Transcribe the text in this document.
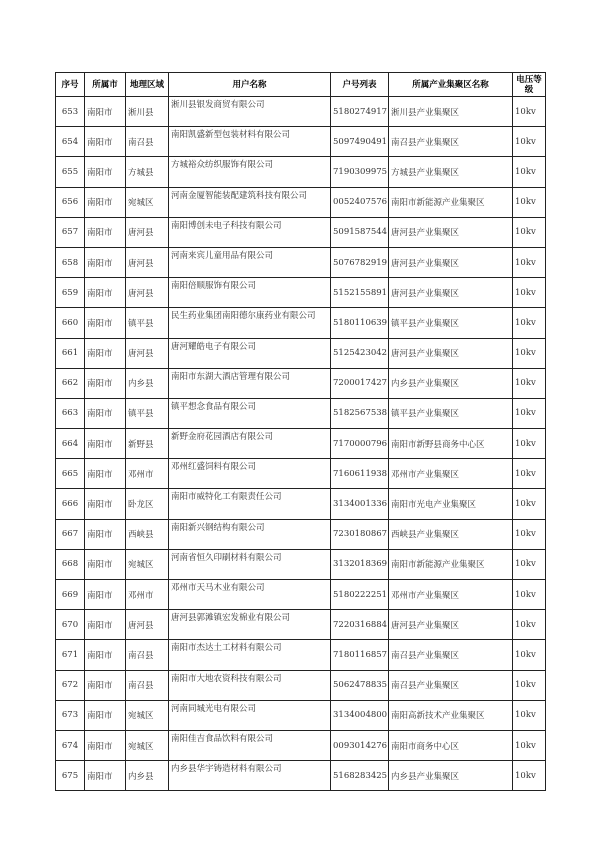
序号	所属市	地理区域	用户名称	户号列表	所属产业集聚区名称	电压等级
653	南阳市	淅川县	淅川县银发商贸有限公司	5180274917	淅川县产业集聚区	10kv
654	南阳市	南召县	南阳凯盛新型包装材料有限公司	5097490491	南召县产业集聚区	10kv
655	南阳市	方城县	方城裕众纺织服饰有限公司	7190309975	方城县产业集聚区	10kv
656	南阳市	宛城区	河南金厦智能装配建筑科技有限公司	0052407576	南阳市新能源产业集聚区	10kv
657	南阳市	唐河县	南阳博创未电子科技有限公司	5091587544	唐河县产业集聚区	10kv
658	南阳市	唐河县	河南来宾儿童用品有限公司	5076782919	唐河县产业集聚区	10kv
659	南阳市	唐河县	南阳倍顺服饰有限公司	5152155891	唐河县产业集聚区	10kv
660	南阳市	镇平县	民生药业集团南阳德尔康药业有限公司	5180110639	镇平县产业集聚区	10kv
661	南阳市	唐河县	唐河耀皓电子有限公司	5125423042	唐河县产业集聚区	10kv
662	南阳市	内乡县	南阳市东湖大酒店管理有限公司	7200017427	内乡县产业集聚区	10kv
663	南阳市	镇平县	镇平想念食品有限公司	5182567538	镇平县产业集聚区	10kv
664	南阳市	新野县	新野金府花园酒店有限公司	7170000796	南阳市新野县商务中心区	10kv
665	南阳市	邓州市	邓州红盛饲料有限公司	7160611938	邓州市产业集聚区	10kv
666	南阳市	卧龙区	南阳市威特化工有限责任公司	3134001336	南阳市光电产业集聚区	10kv
667	南阳市	西峡县	南阳新兴钢结构有限公司	7230180867	西峡县产业集聚区	10kv
668	南阳市	宛城区	河南省恒久印刷材料有限公司	3132018369	南阳市新能源产业集聚区	10kv
669	南阳市	邓州市	邓州市天马木业有限公司	5180222251	邓州市产业集聚区	10kv
670	南阳市	唐河县	唐河县郭滩镇宏发棉业有限公司	7220316884	唐河县产业集聚区	10kv
671	南阳市	南召县	南阳市杰达土工材料有限公司	7180116857	南召县产业集聚区	10kv
672	南阳市	南召县	南阳市大地农资科技有限公司	5062478835	南召县产业集聚区	10kv
673	南阳市	宛城区	河南同城光电有限公司	3134004800	南阳高新技术产业集聚区	10kv
674	南阳市	宛城区	南阳佳吉食品饮料有限公司	0093014276	南阳市商务中心区	10kv
675	南阳市	内乡县	内乡县华宇铸造材料有限公司	5168283425	内乡县产业集聚区	10kv
